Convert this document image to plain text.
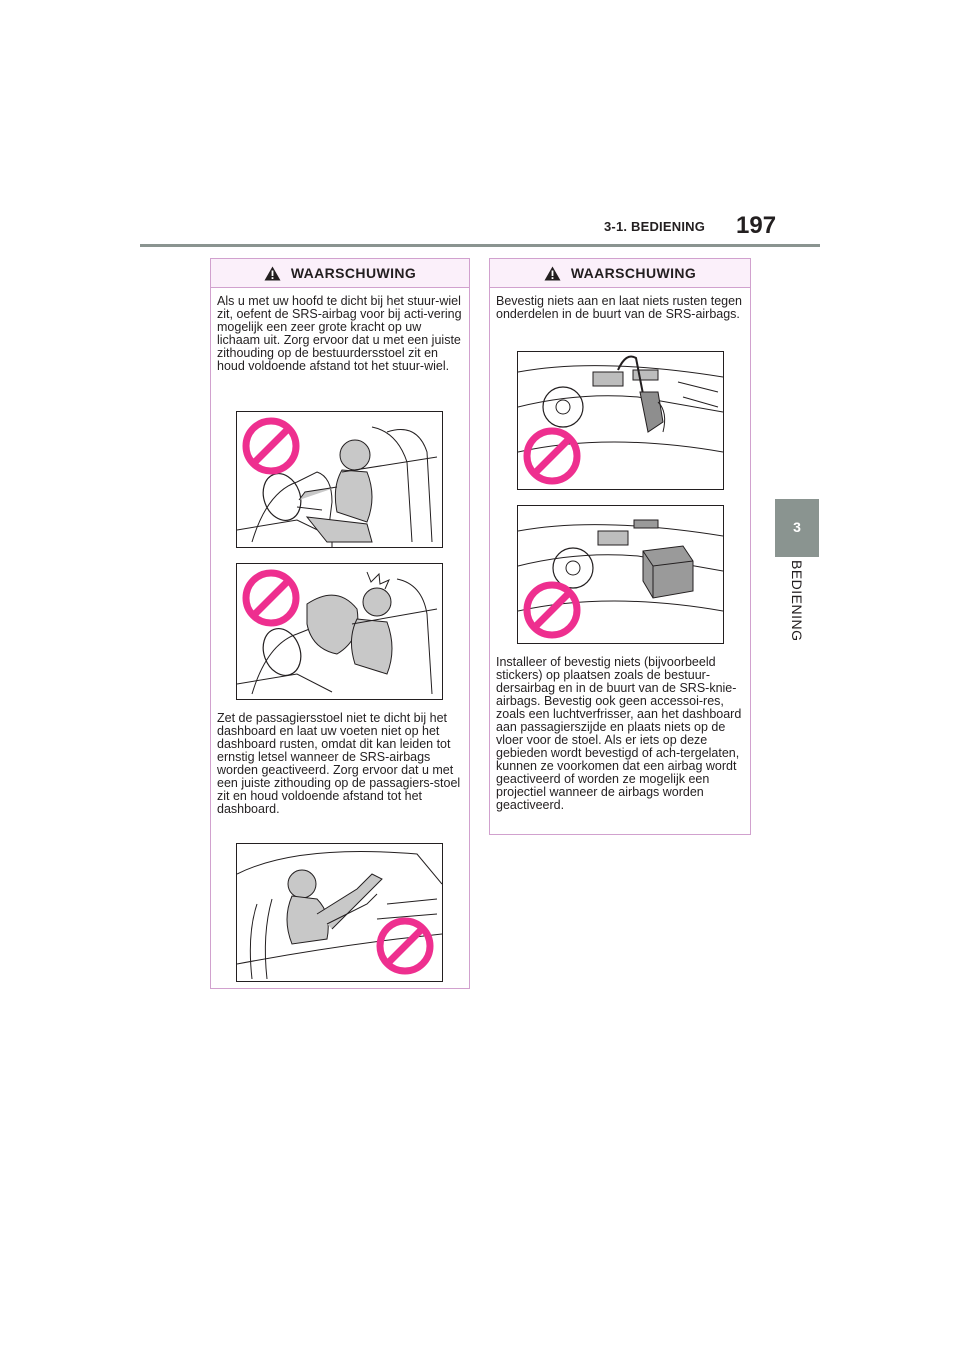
3-1. BEDIENING 197
3
BEDIENING
WAARSCHUWING

Als u met uw hoofd te dicht bij het stuur-wiel zit, oefent de SRS-airbag voor bij acti-vering mogelijk een zeer grote kracht op uw lichaam uit. Zorg ervoor dat u met een juiste zithouding op de bestuurdersstoel zit en houd voldoende afstand tot het stuur-wiel.

Zet de passagiersstoel niet te dicht bij het dashboard en laat uw voeten niet op het dashboard rusten, omdat dit kan leiden tot ernstig letsel wanneer de SRS-airbags worden geactiveerd. Zorg ervoor dat u met een juiste zithouding op de passagiers-stoel zit en houd voldoende afstand tot het dashboard.

WAARSCHUWING

Bevestig niets aan en laat niets rusten tegen onderdelen in de buurt van de SRS-airbags.

Installeer of bevestig niets (bijvoorbeeld stickers) op plaatsen zoals de bestuur-dersairbag en in de buurt van de SRS-knie-airbags. Bevestig ook geen accessoi-res, zoals een luchtverfrisser, aan het dashboard aan passagierszijde en plaats niets op de vloer voor de stoel. Als er iets op deze gebieden wordt bevestigd of ach-tergelaten, kunnen ze voorkomen dat een airbag wordt geactiveerd of worden ze mogelijk een projectiel wanneer de airbags worden geactiveerd.
